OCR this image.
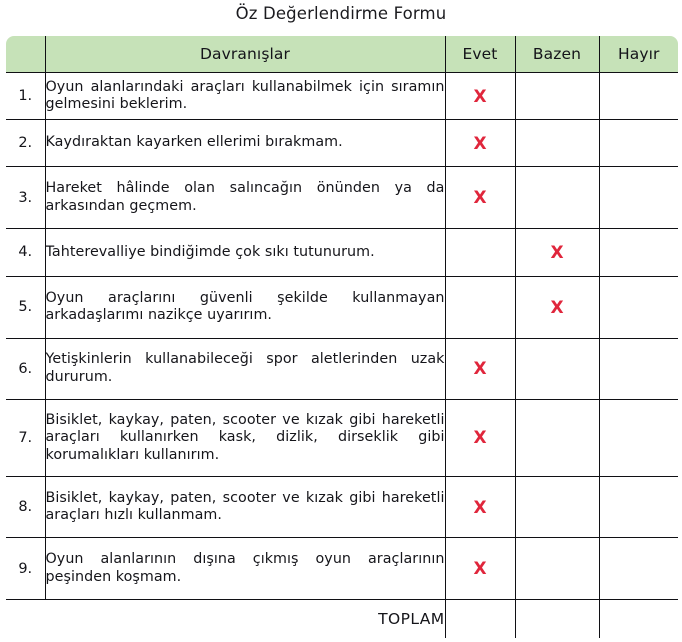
Öz Değerlendirme Formu
	Davranışlar	Evet	Bazen	Hayır
1.	Oyun alanlarındaki araçları kullanabilmek için sıramın gelmesini beklerim.	X		
2.	Kaydıraktan kayarken ellerimi bırakmam.	X		
3.	Hareket hâlinde olan salıncağın önünden ya da arkasından geçmem.	X		
4.	Tahterevalliye bindiğimde çok sıkı tutunurum.		X	
5.	Oyun araçlarını güvenli şekilde kullanmayan arkadaşlarımı nazikçe uyarırım.		X	
6.	Yetişkinlerin kullanabileceği spor aletlerinden uzak dururum.	X		
7.	Bisiklet, kaykay, paten, scooter ve kızak gibi hareketli araçları kullanırken kask, dizlik, dirseklik gibi korumalıkları kullanırım.	X		
8.	Bisiklet, kaykay, paten, scooter ve kızak gibi hareketli araçları hızlı kullanmam.	X		
9.	Oyun alanlarının dışına çıkmış oyun araçlarının peşinden koşmam.	X		
TOPLAM				
